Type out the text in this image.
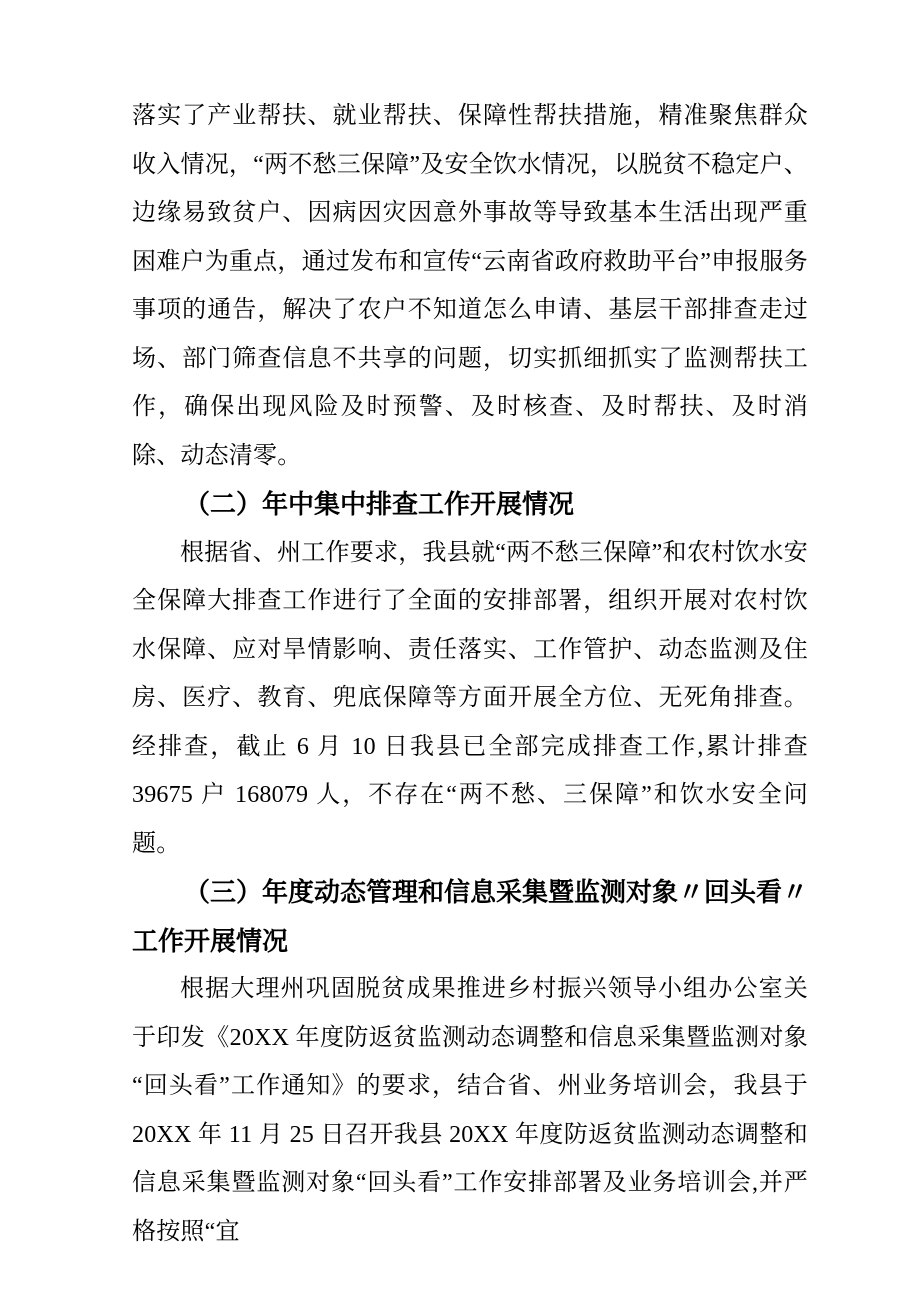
落实了产业帮扶、就业帮扶、保障性帮扶措施，精准聚焦群众收入情况，“两不愁三保障”及安全饮水情况，以脱贫不稳定户、边缘易致贫户、因病因灾因意外事故等导致基本生活出现严重困难户为重点，通过发布和宣传“云南省政府救助平台”申报服务事项的通告，解决了农户不知道怎么申请、基层干部排查走过场、部门筛查信息不共享的问题，切实抓细抓实了监测帮扶工作，确保出现风险及时预警、及时核查、及时帮扶、及时消除、动态清零。

（二）年中集中排查工作开展情况

根据省、州工作要求，我县就“两不愁三保障”和农村饮水安全保障大排查工作进行了全面的安排部署，组织开展对农村饮水保障、应对旱情影响、责任落实、工作管护、动态监测及住房、医疗、教育、兜底保障等方面开展全方位、无死角排查。经排查，截止 6 月 10 日我县已全部完成排查工作,累计排查 39675 户 168079 人，不存在“两不愁、三保障”和饮水安全问题。

（三）年度动态管理和信息采集暨监测对象〃回头看〃工作开展情况

根据大理州巩固脱贫成果推进乡村振兴领导小组办公室关于印发《20XX 年度防返贫监测动态调整和信息采集暨监测对象“回头看”工作通知》的要求，结合省、州业务培训会，我县于 20XX 年 11 月 25 日召开我县 20XX 年度防返贫监测动态调整和信息采集暨监测对象“回头看”工作安排部署及业务培训会,并严格按照“宜
